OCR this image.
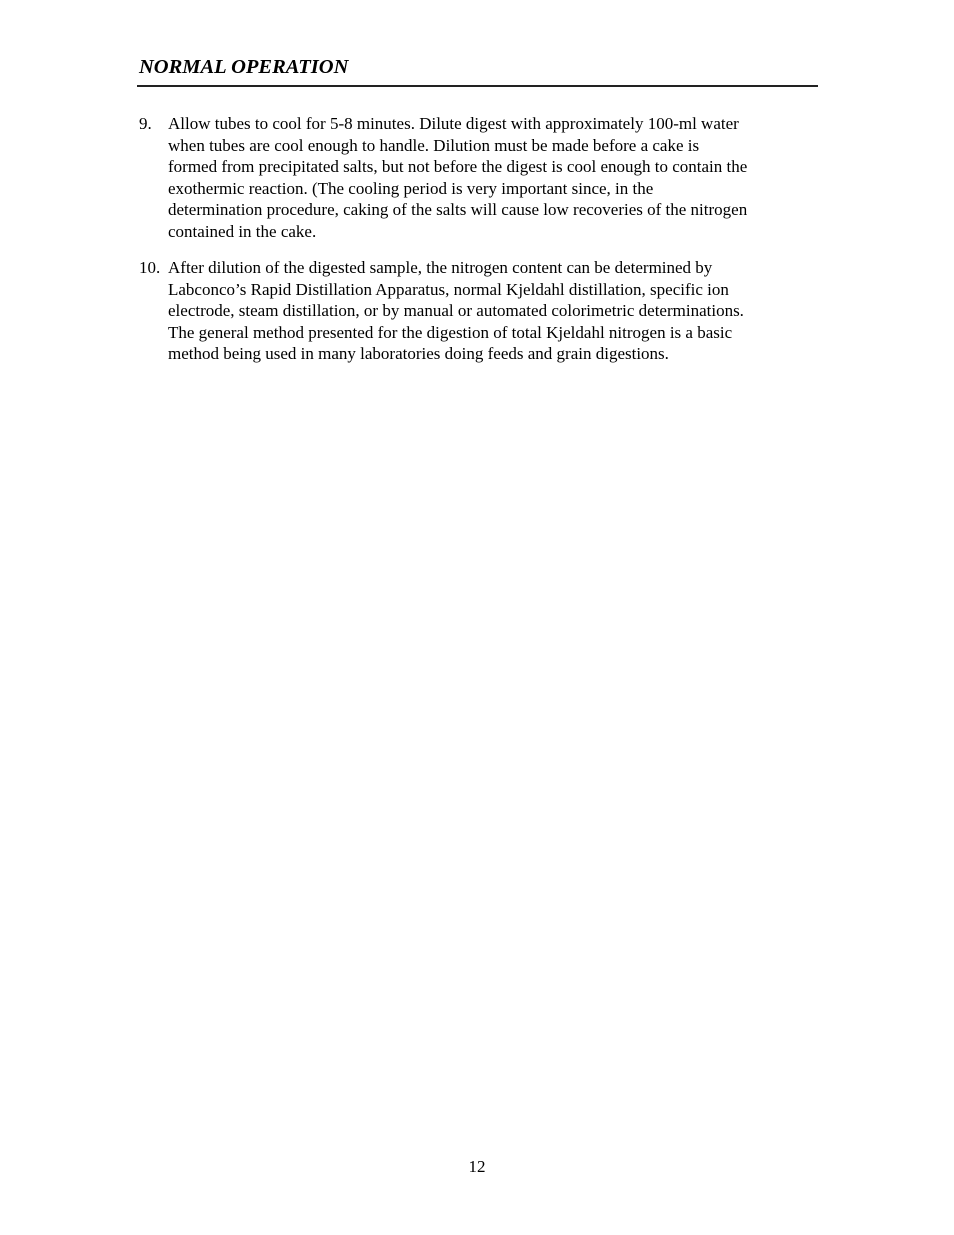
NORMAL OPERATION
9. Allow tubes to cool for 5-8 minutes. Dilute digest with approximately 100-ml water
when tubes are cool enough to handle. Dilution must be made before a cake is
formed from precipitated salts, but not before the digest is cool enough to contain the
exothermic reaction. (The cooling period is very important since, in the
determination procedure, caking of the salts will cause low recoveries of the nitrogen
contained in the cake.
10. After dilution of the digested sample, the nitrogen content can be determined by
Labconco’s Rapid Distillation Apparatus, normal Kjeldahl distillation, specific ion
electrode, steam distillation, or by manual or automated colorimetric determinations.
The general method presented for the digestion of total Kjeldahl nitrogen is a basic
method being used in many laboratories doing feeds and grain digestions.
12
